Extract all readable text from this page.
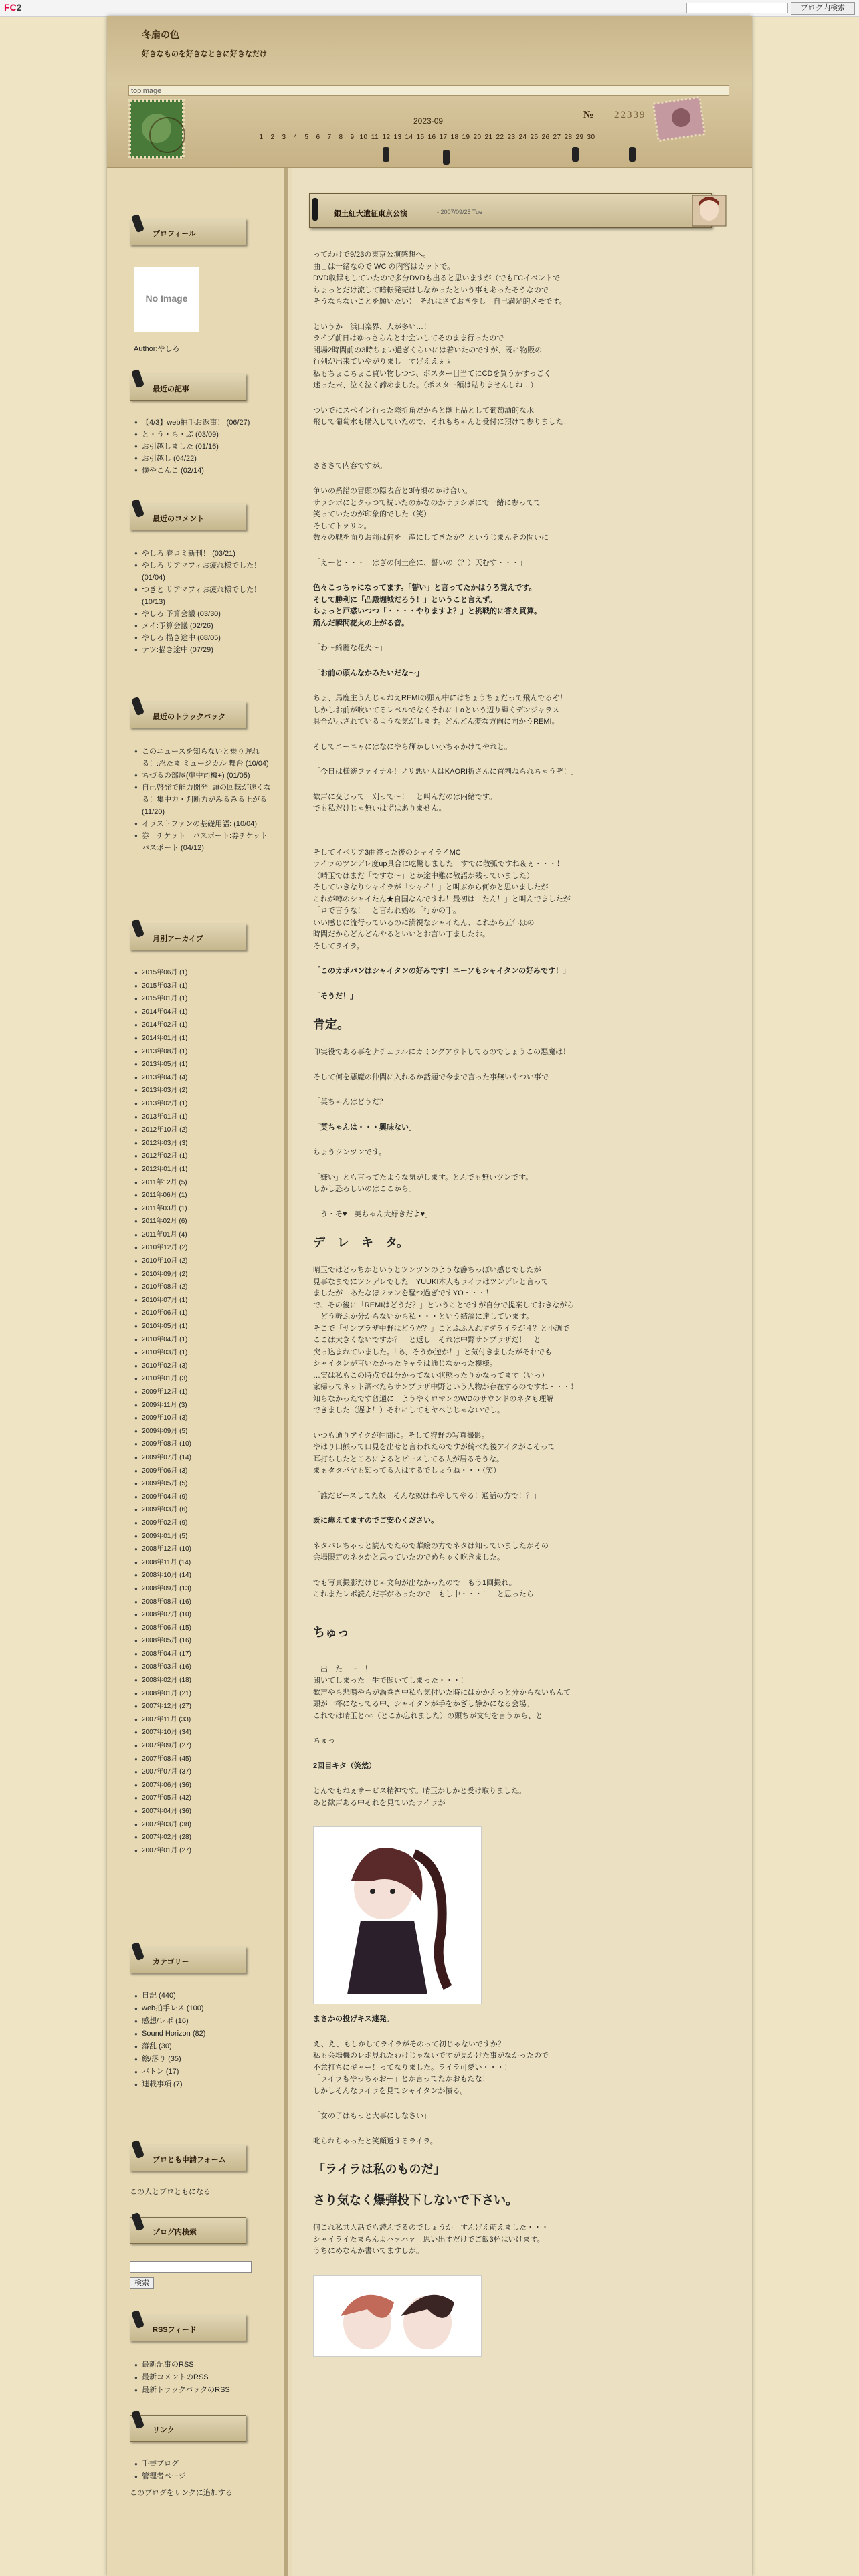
FC2	ブログ内検索
冬扇の色
好きなものを好きなときに好きなだけ
topimage
2023-09
1 2 3 4 5 6 7 8 9 10 11 12 13 14 15 16 17 18 19 20 21 22 23 24 25 26 27 28 29 30
№ 22339
プロフィール
No Image
Author:やしろ
最近の記事
● 【4/3】web拍手お返事！ (06/27)
● と・う・ら・ぷ (03/09)
● お引越しました (01/16)
● お引越し (04/22)
● 僕やこんこ (02/14)
最近のコメント
● やしろ:春コミ新刊！ (03/21)
● やしろ:リアマフィお疲れ様でした！ (01/04)
● つきと:リアマフィお疲れ様でした！ (10/13)
● やしろ:予算会議 (03/30)
● メイ:予算会議 (02/26)
● やしろ:描き途中 (08/05)
● テツ:描き途中 (07/29)
最近のトラックバック
● このニュースを知らないと乗り遅れる！:忍たま ミュージカル 舞台 (10/04)
● ちづるの部屋(準中司機+) (01/05)
● 自己啓発で能力開発: 頭の回転が速くなる！集中力・判断力がみるみる上がる (11/20)
● イラストファンの基礎用語: (10/04)
● 券　チケット　パスポート:券チケット　パスポート (04/12)
月別アーカイブ
● 2015年06月 (1)
● 2015年03月 (1)
● 2015年01月 (1)
● 2014年04月 (1)
● 2014年02月 (1)
● 2014年01月 (1)
● 2013年08月 (1)
● 2013年05月 (1)
● 2013年04月 (4)
● 2013年03月 (2)
● 2013年02月 (1)
● 2013年01月 (1)
● 2012年10月 (2)
● 2012年03月 (3)
● 2012年02月 (1)
● 2012年01月 (1)
● 2011年12月 (5)
● 2011年06月 (1)
● 2011年03月 (1)
● 2011年02月 (6)
● 2011年01月 (4)
● 2010年12月 (2)
● 2010年10月 (2)
● 2010年09月 (2)
● 2010年08月 (2)
● 2010年07月 (1)
● 2010年06月 (1)
● 2010年05月 (1)
● 2010年04月 (1)
● 2010年03月 (1)
● 2010年02月 (3)
● 2010年01月 (3)
● 2009年12月 (1)
● 2009年11月 (3)
● 2009年10月 (3)
● 2009年09月 (5)
● 2009年08月 (10)
● 2009年07月 (14)
● 2009年06月 (3)
● 2009年05月 (5)
● 2009年04月 (9)
● 2009年03月 (6)
● 2009年02月 (9)
● 2009年01月 (5)
● 2008年12月 (10)
● 2008年11月 (14)
● 2008年10月 (14)
● 2008年09月 (13)
● 2008年08月 (16)
● 2008年07月 (10)
● 2008年06月 (15)
● 2008年05月 (16)
● 2008年04月 (17)
● 2008年03月 (16)
● 2008年02月 (18)
● 2008年01月 (21)
● 2007年12月 (27)
● 2007年11月 (33)
● 2007年10月 (34)
● 2007年09月 (27)
● 2007年08月 (45)
● 2007年07月 (37)
● 2007年06月 (36)
● 2007年05月 (42)
● 2007年04月 (36)
● 2007年03月 (38)
● 2007年02月 (28)
● 2007年01月 (27)
カテゴリー
● 日記 (440)
● web拍手レス (100)
● 感想/レポ (16)
● Sound Horizon (82)
● 落乱 (30)
● 絵/落り (35)
● バトン (17)
● 連載事項 (7)
ブロとも申請フォーム
この人とブロともになる
ブログ内検索
検索
RSSフィード
● 最新記事のRSS
● 最新コメントのRSS
● 最新トラックバックのRSS
リンク
● 手書ブログ
● 管理者ページ
このブログをリンクに追加する
銀土紅大遺征東京公演	- 2007/09/25 Tue
ってわけで9/23の東京公演感想へ。
曲目は一緒なので WC の内容はカットで。
DVD収録もしていたので多分DVDも出ると思いますが（でもFCイベントで
ちょっとだけ流して暗転発売はしなかったという事もあったそうなので
そうならないことを願いたい）　それはさておき少し　自己満足的メモです。
というか　浜田楽界、人が多い…！
ライブ前日はゆっさらんとお会いしてそのまま行ったので
開場2時間前の3時ちょい過ぎくらいには着いたのですが、既に物販の
行列が出来ていやがりまし　すげええぇぇ
私もちょこちょこ買い物しつつ、ポスター目当てにCDを買うかすっごく
迷った末、泣く泣く諦めました。（ポスター額は貼りませんしね…）
ついでにスペイン行った際折角だからと獣上品として葡萄酒的な水
飛して葡萄水も購入していたので、それもちゃんと受付に預けて参りました！
さささて内容ですが。
争いの系譜の冒頭の際表音と3時頃のかけ合い。
サラシボにとクっつて続いたのかなのかサラシボにで一緒に参ってて
笑っていたのが印象的でした（笑）
そしてトァリン。
数々の戦を面りお前は何を土産にしてきたか？というじまんその問いに
「えーと・・・　はぎの何土産に、誓いの（？）天むす・・・」
色々こっちゃになってます。「誓い」と言ってたかはうろ覚えです。
そして勝利に「凸殿堀城だろう！」ということ言えず。
ちょっと戸惑いつつ「・・・・やりますよ？」と挑戦的に答え買算。
踊んだ瞬間花火の上がる音。
「わ〜綺麗な花火〜」
「お前の頭んなかみたいだな〜」
ちょ、馬鹿主うんじゃねえREMIの頭ん中にはちょうちょだって飛んでるぞ！
しかしお前が吹いてるレベルでなくそれに＋αという辺り輝くデンジャラス
具合が示されているような気がします。どんどん変な方向に向かうREMI。
そしてエーニャにはなにやら輝かしい小ちゃかけてやれと。
「今日は様統ファイナル！ノリ悪い人はKAORI折さんに首刎ねられちゃうぞ！」
歓声に交じって　刈って〜！　と叫んだのは内緒です。
でも私だけじゃ無いはずはありません。
そしてイベリア3曲終った後のシャイライMC
ライラのツンデレ度up具合に吃驚しました　すでに散弧ですね＆ぇ・・・！
（晴玉ではまだ「ですな〜」とか途中難に敬語が残っていました）
そしていきなりシャイラが「シャイ！」と叫ぶから何かと思いましたが
これが噂のシャイたん★自国なんですね！最初は「たん！」と叫んでましたが
「ロで言うな！」と言われ始め「行かの手。
いい感じに流行っているのに満視なシャイたん、これから五年ほの
時間だからどんどんやるといいとお言い丁ましたお。
そしてライラ。
「このカボパンはシャイタンの好みです！ニーソもシャイタンの好みです！」
「そうだ！」
肯定。
印実役である事をナチュラルにカミングアウトしてるのでしょうこの悪魔は！
そして何を悪魔の仲間に入れるか話題で今まで言った事無いやつい事で
「英ちゃんはどうだ？」
「英ちゃんは・・・興味ない」
ちょうツンツンです。
「嫌い」とも言ってたような気がします。とんでも無いツンです。
しかし恐ろしいのはここから。
「う・そ♥　英ちゃん大好きだよ♥」
デ　レ　キ　タ。
晴玉ではどっちかというとツンツンのような静ちっぽい感じでしたが
見事なまでにツンデレでした　YUUKI本人もライラはツンデレと言って
ましたが　あたなほファンを騒つ過ぎですYO・・・！
で、その後に「REMIはどうだ？」ということですが自分で提案しておきながら
　どう軽ふか分からないから私・・・という結論に達しています。
そこで「サンプラザ中野はどうだ？」ことふふ入れずダライラが４？と小調で
ここは大きくないですか？　と返し　それは中野サンプラザだ！　と
突っ込まれていました。「あ、そうか逆か！」と気付きましたがそれでも
シャイタンが言いたかったキャラは通じなかった模様。
…実は私もこの時点では分かってない状態ったりかなってます（いっ）
家帰ってネット調べたらサンプラザ中野という人物が存在するのですね・・・！
知らなかったです普通に　ようやくロマンのWDのサウンドのネタも理解
できました（遅よ！）それにしてもヤベじじゃないでし。
いつも通りアイクが仲間に。そして狩野の写真撮影。
やはり田熊って口見を出せと言われたのですが綺べた後アイクがこそって
耳打ちしたところによるとピースしてる人が居るそうな。
まぁタタパヤも知ってる人はするでしょうね・・・（笑）
「誰だピースしてた奴　そんな奴はねやしてやる！通話の方で！？」
既に痺えてますのでご安心ください。
ネタバレちゃっと読んでたので華絵の方でネタは知っていましたがその
会場限定のネタかと思っていたのでめちゃく吃きました。
でも写真撮影だけじゃ文句が出なかったので　もう1回撮れ。
これまたレポ読んだ事があったので　もし中・・・！　と思ったら
ちゅっ
　出　た　ー　！
聞いてしまった　生で聞いてしまった・・・！
歓声やら悲鳴やらが渦巻き中私も気付いた時にはかかえっと分からないもんて
頭が一杯になってる中、シャイタンが手をかざし静かになる会場。
これでは晴玉と○○（どこか忘れました）の頭ちが文句を言うから、と
ちゅっ
2回目キタ（笑然）
とんでもねぇサービス精神です。晴玉がしかと受け取りました。
あと歓声ある中それを見ていたライラが
まさかの投げキス連発。
え、え、もしかしてライラがそのって初じゃないですか？
私も会場機のレポ見れたわけじゃないですが見かけた事がなかったので
不意打ちにギャー！ってなりました。ライラ可愛い・・・！
「ライラもやっちゃおー」とか言ってたかおもたな！
しかしそんなライラを見てシャイタンが憤る。
「女の子はもっと大事にしなさい」
叱られちゃったと笑顔返するライラ。
「ライラは私のものだ」
さり気なく爆弾投下しないで下さい。
何これ私共人話でも読んでるのでしょうか　すんげえ萌えました・・・
シャイライたまらんよハァハァ　思い出すだけでご飯3杯はいけます。
うちにめなんか書いてますしが。
